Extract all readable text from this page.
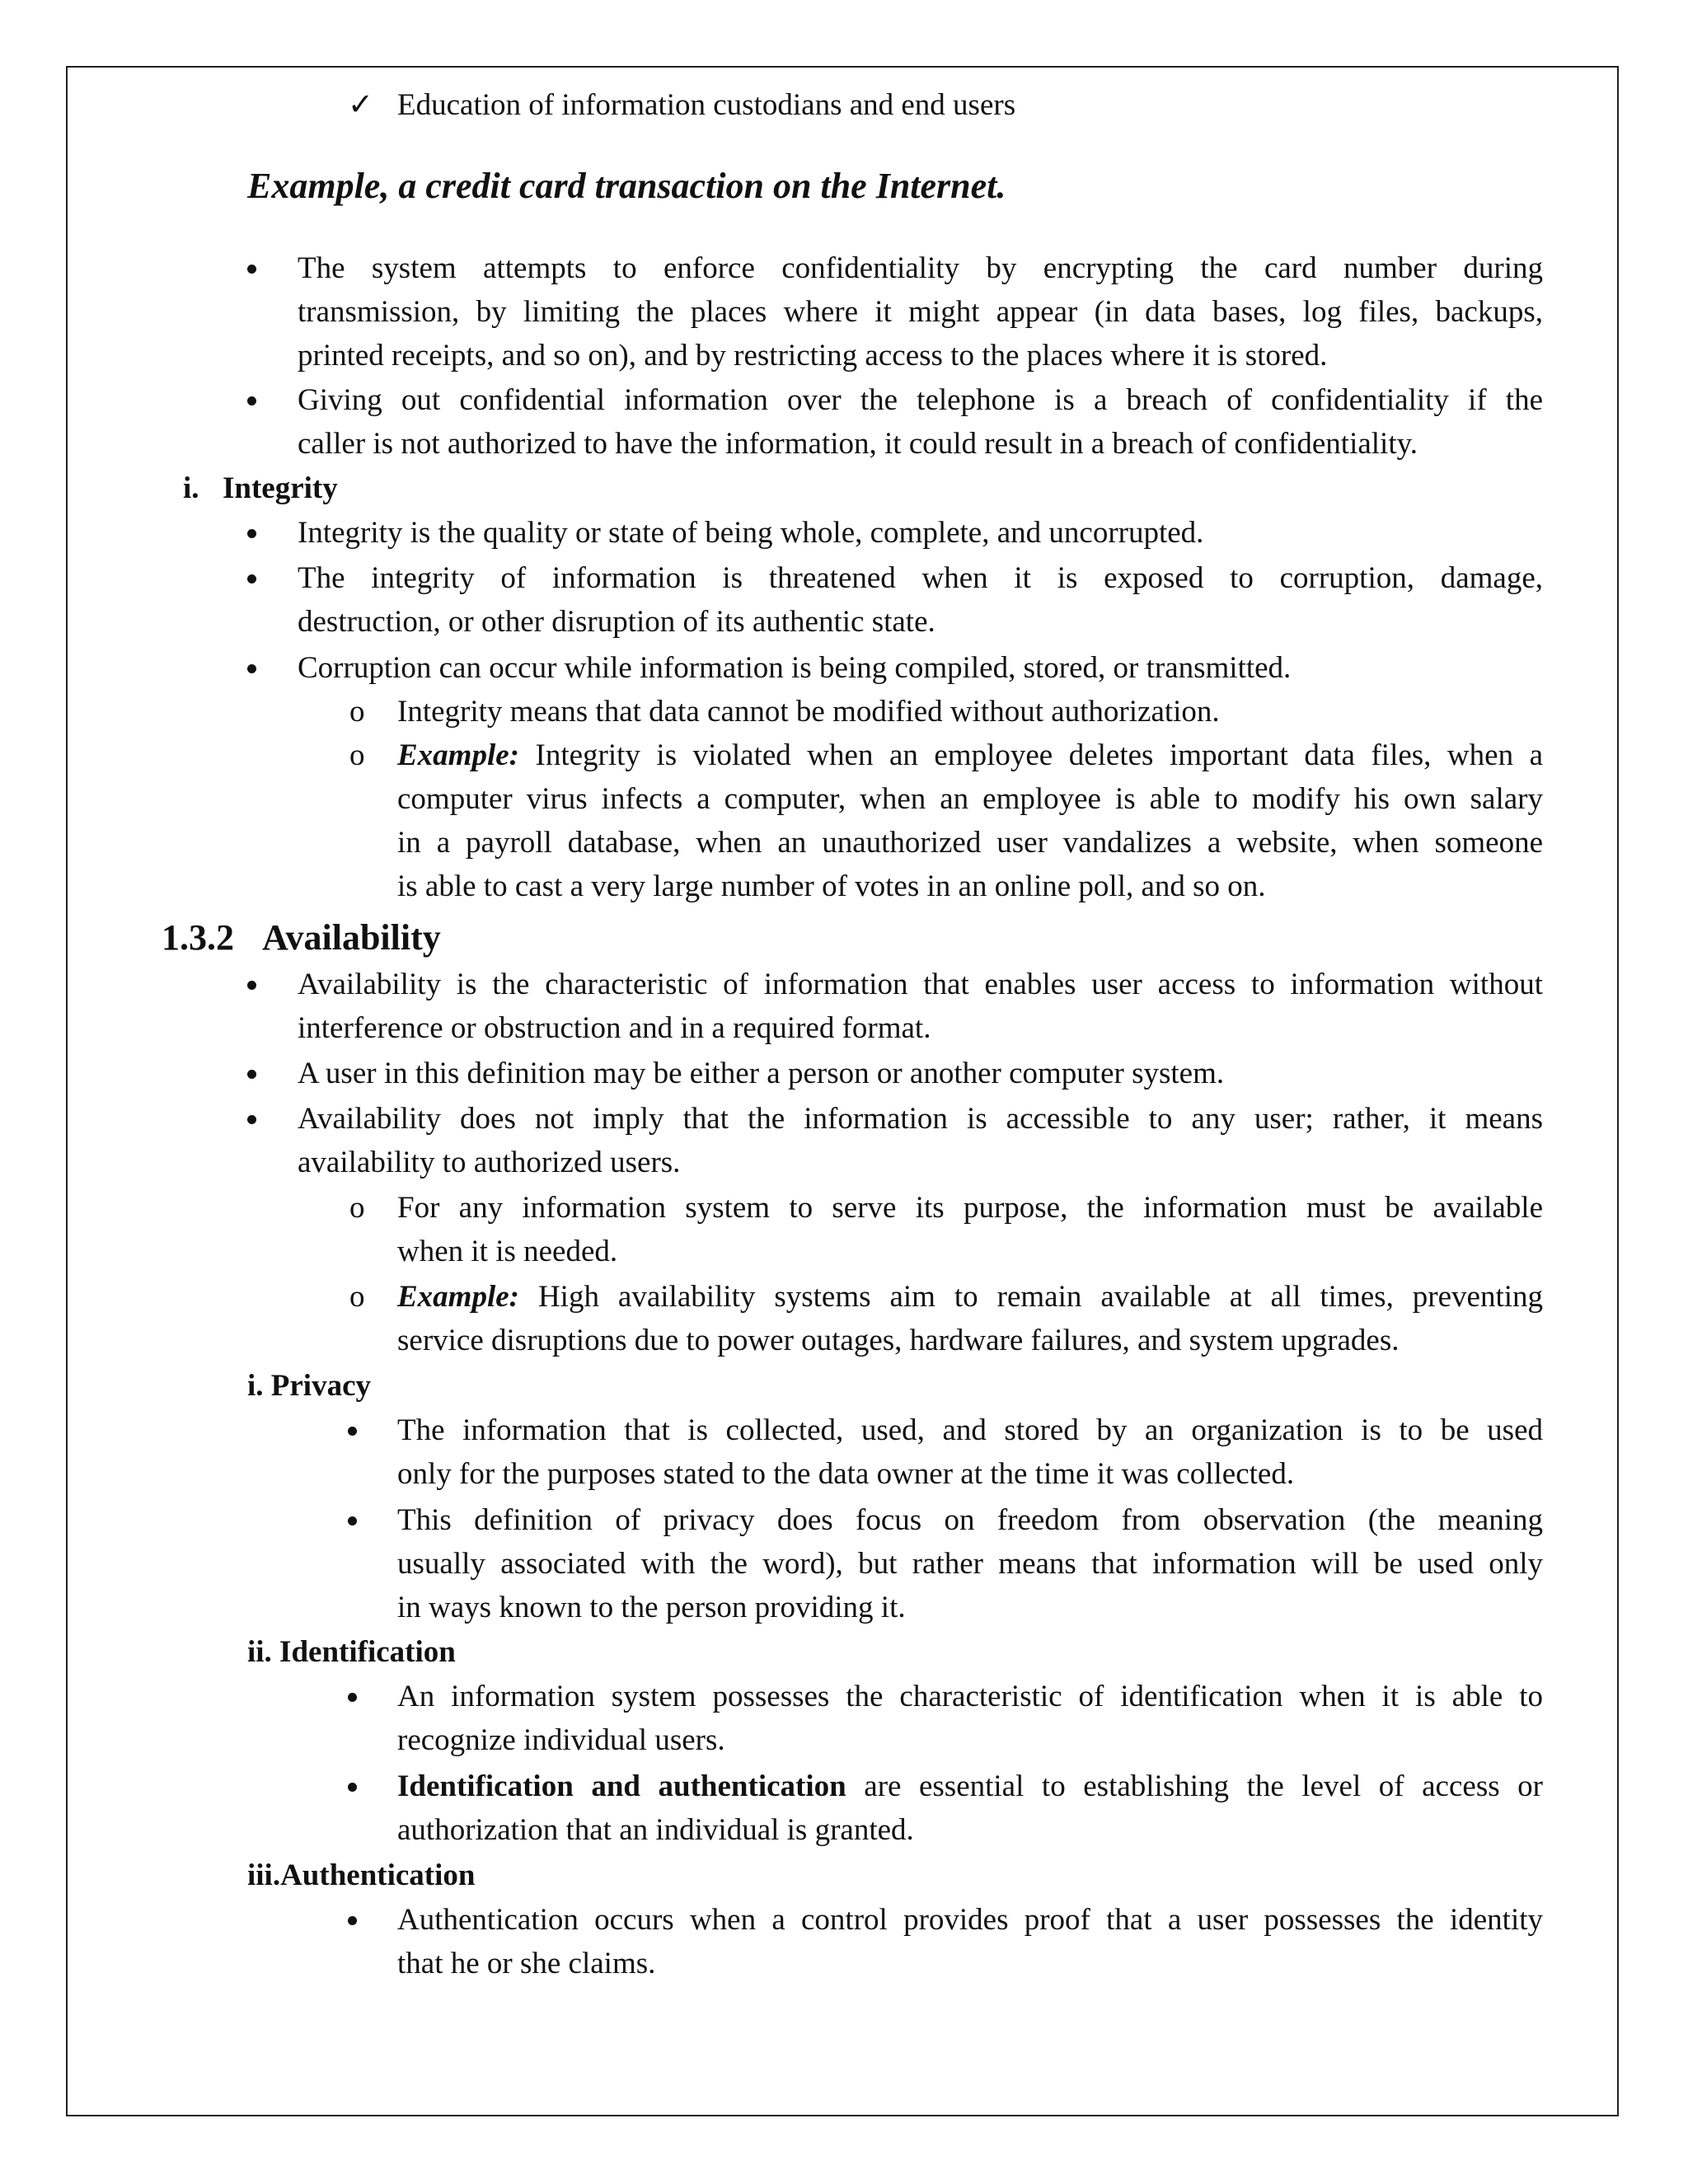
✓ Education of information custodians and end users
Example, a credit card transaction on the Internet.
The system attempts to enforce confidentiality by encrypting the card number during
transmission, by limiting the places where it might appear (in data bases, log files, backups,
printed receipts, and so on), and by restricting access to the places where it is stored.
Giving out confidential information over the telephone is a breach of confidentiality if the
caller is not authorized to have the information, it could result in a breach of confidentiality.
i. Integrity
Integrity is the quality or state of being whole, complete, and uncorrupted.
The integrity of information is threatened when it is exposed to corruption, damage,
destruction, or other disruption of its authentic state.
Corruption can occur while information is being compiled, stored, or transmitted.
o Integrity means that data cannot be modified without authorization.
o Example: Integrity is violated when an employee deletes important data files, when a
computer virus infects a computer, when an employee is able to modify his own salary
in a payroll database, when an unauthorized user vandalizes a website, when someone
is able to cast a very large number of votes in an online poll, and so on.
1.3.2 Availability
Availability is the characteristic of information that enables user access to information without
interference or obstruction and in a required format.
A user in this definition may be either a person or another computer system.
Availability does not imply that the information is accessible to any user; rather, it means
availability to authorized users.
o For any information system to serve its purpose, the information must be available
when it is needed.
o Example: High availability systems aim to remain available at all times, preventing
service disruptions due to power outages, hardware failures, and system upgrades.
i. Privacy
The information that is collected, used, and stored by an organization is to be used
only for the purposes stated to the data owner at the time it was collected.
This definition of privacy does focus on freedom from observation (the meaning
usually associated with the word), but rather means that information will be used only
in ways known to the person providing it.
ii. Identification
An information system possesses the characteristic of identification when it is able to
recognize individual users.
Identification and authentication are essential to establishing the level of access or
authorization that an individual is granted.
iii.Authentication
Authentication occurs when a control provides proof that a user possesses the identity
that he or she claims.
